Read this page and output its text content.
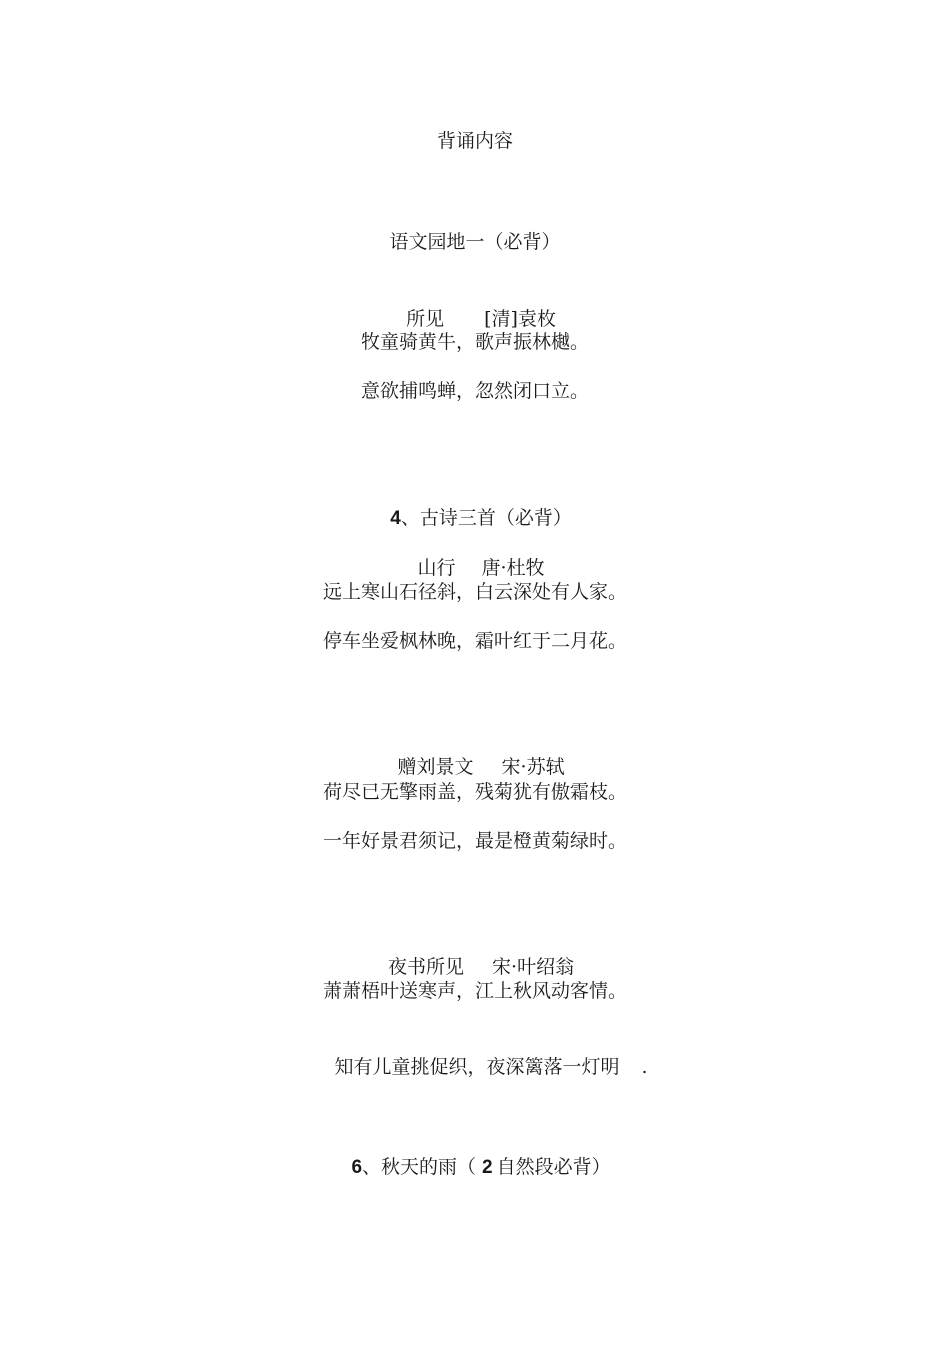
背诵内容
语文园地一（必背）

所见 [清]袁枚

牧童骑黄牛，歌声振林樾。
意欲捕鸣蝉，忽然闭口立。

4、古诗三首（必背）

山行 唐·杜牧

远上寒山石径斜，白云深处有人家。
停车坐爱枫林晚，霜叶红于二月花。

赠刘景文 宋·苏轼

荷尽已无擎雨盖，残菊犹有傲霜枝。
一年好景君须记，最是橙黄菊绿时。

夜书所见 宋·叶绍翁

萧萧梧叶送寒声，江上秋风动客情。

知有儿童挑促织，夜深篱落一灯明 .

6、秋天的雨（ 2 自然段必背）
